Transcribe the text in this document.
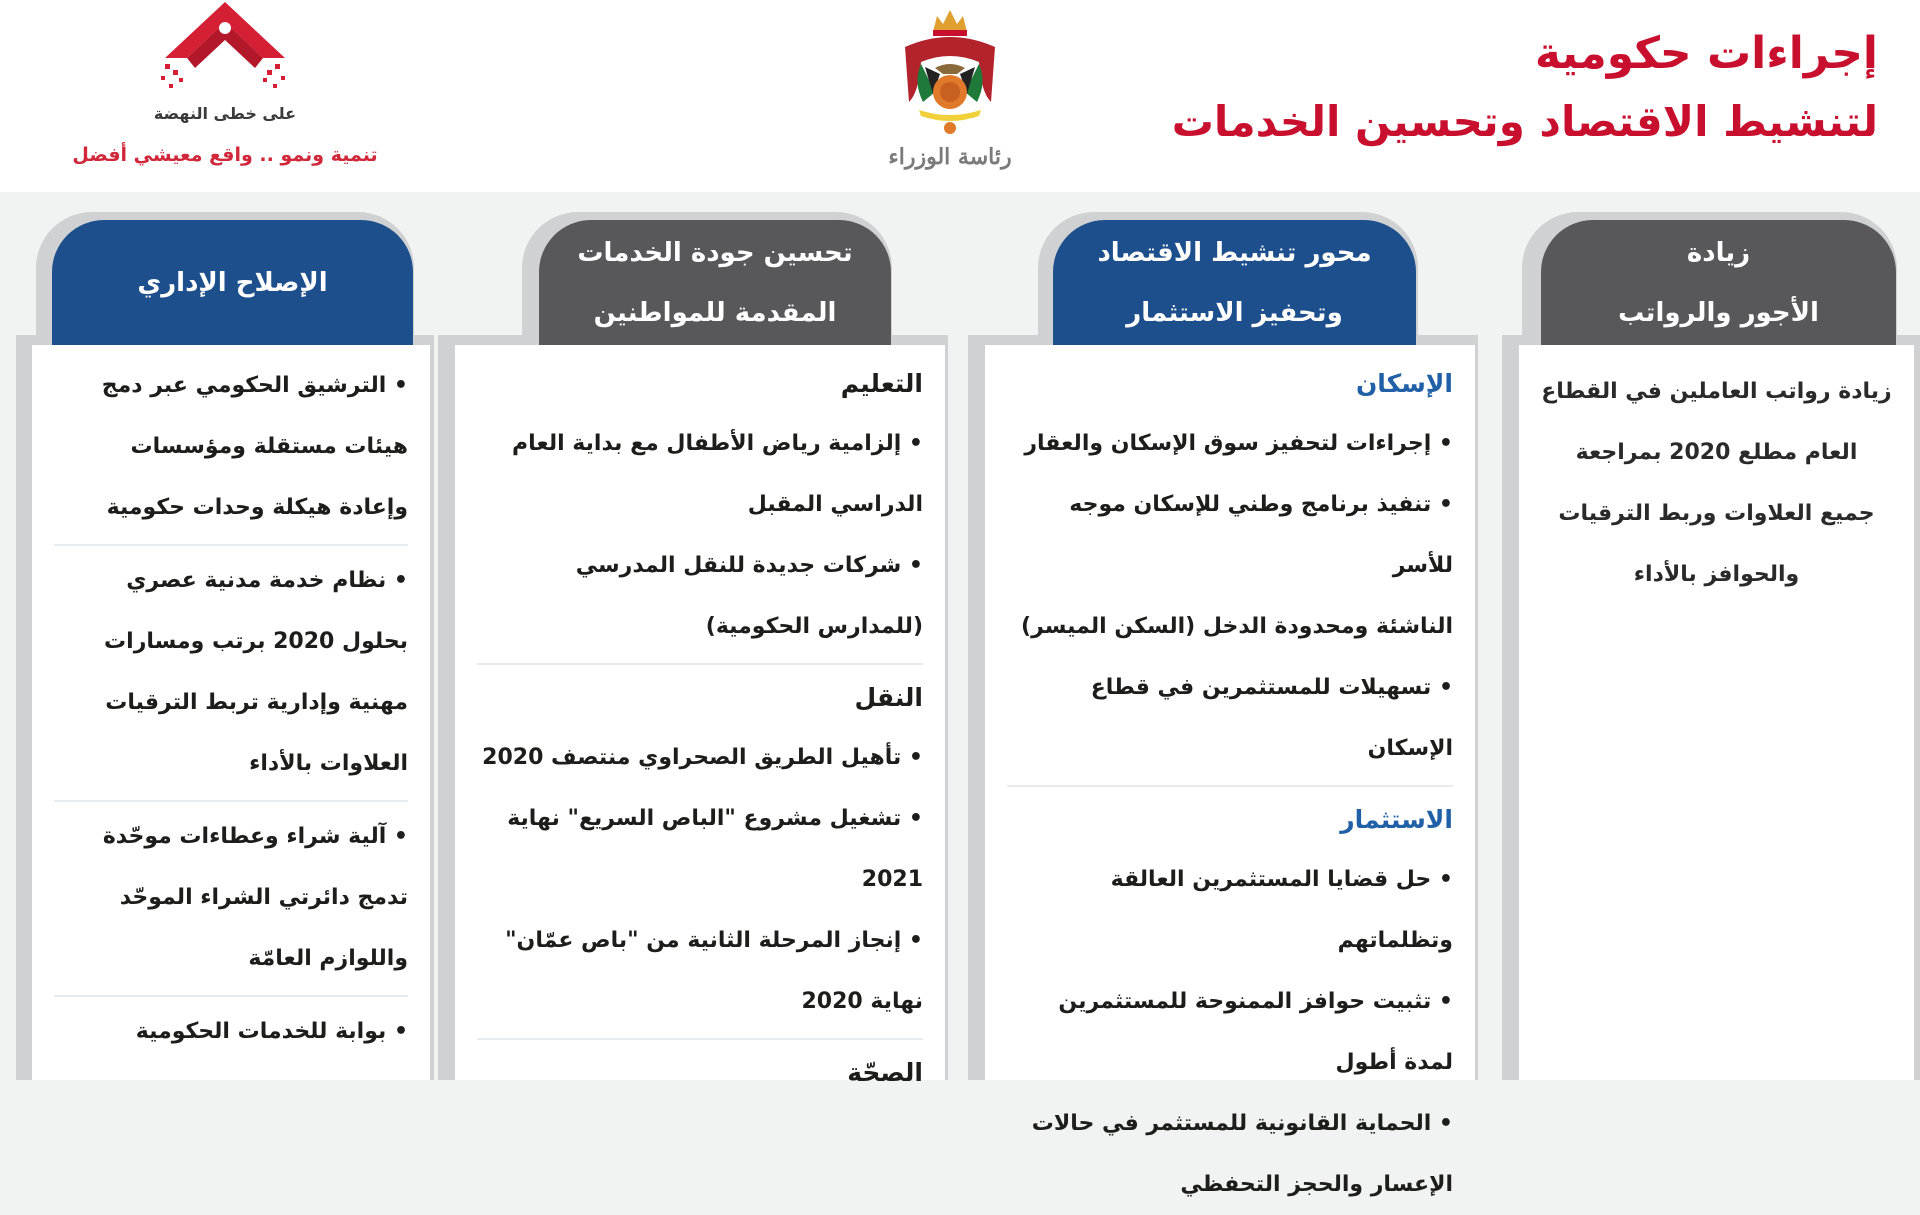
إجراءات حكومية
لتنشيط الاقتصاد وتحسين الخدمات
رئاسة الوزراء
على خطى النهضة
تنمية ونمو .. واقع معيشي أفضل
زيادة
الأجور والرواتب
زيادة رواتب العاملين في القطاع
العام مطلع 2020 بمراجعة
جميع العلاوات وربط الترقيات
والحوافز بالأداء
محور تنشيط الاقتصاد
وتحفيز الاستثمار
الإسكان
• إجراءات لتحفيز سوق الإسكان والعقار
• تنفيذ برنامج وطني للإسكان موجه للأسر
الناشئة ومحدودة الدخل (السكن الميسر)
• تسهيلات للمستثمرين في قطاع الإسكان
الاستثمار
• حل قضايا المستثمرين العالقة
وتظلماتهم
• تثبيت حوافز الممنوحة للمستثمرين
لمدة أطول
• الحماية القانونية للمستثمر في حالات
الإعسار والحجز التحفظي
تحسين جودة الخدمات
المقدمة للمواطنين
التعليم
• إلزامية رياض الأطفال مع بداية العام
الدراسي المقبل
• شركات جديدة للنقل المدرسي
(للمدارس الحكومية)
النقل
• تأهيل الطريق الصحراوي منتصف 2020
• تشغيل مشروع "الباص السريع" نهاية
2021
• إنجاز المرحلة الثانية من "باص عمّان"
نهاية 2020
الصحّة
الإصلاح الإداري
• الترشيق الحكومي عبر دمج
هيئات مستقلة ومؤسسات
وإعادة هيكلة وحدات حكومية
• نظام خدمة مدنية عصري
بحلول 2020 برتب ومسارات
مهنية وإدارية تربط الترقيات
العلاوات بالأداء
• آلية شراء وعطاءات موحّدة
تدمج دائرتي الشراء الموحّد
واللوازم العامّة
• بوابة للخدمات الحكومية
